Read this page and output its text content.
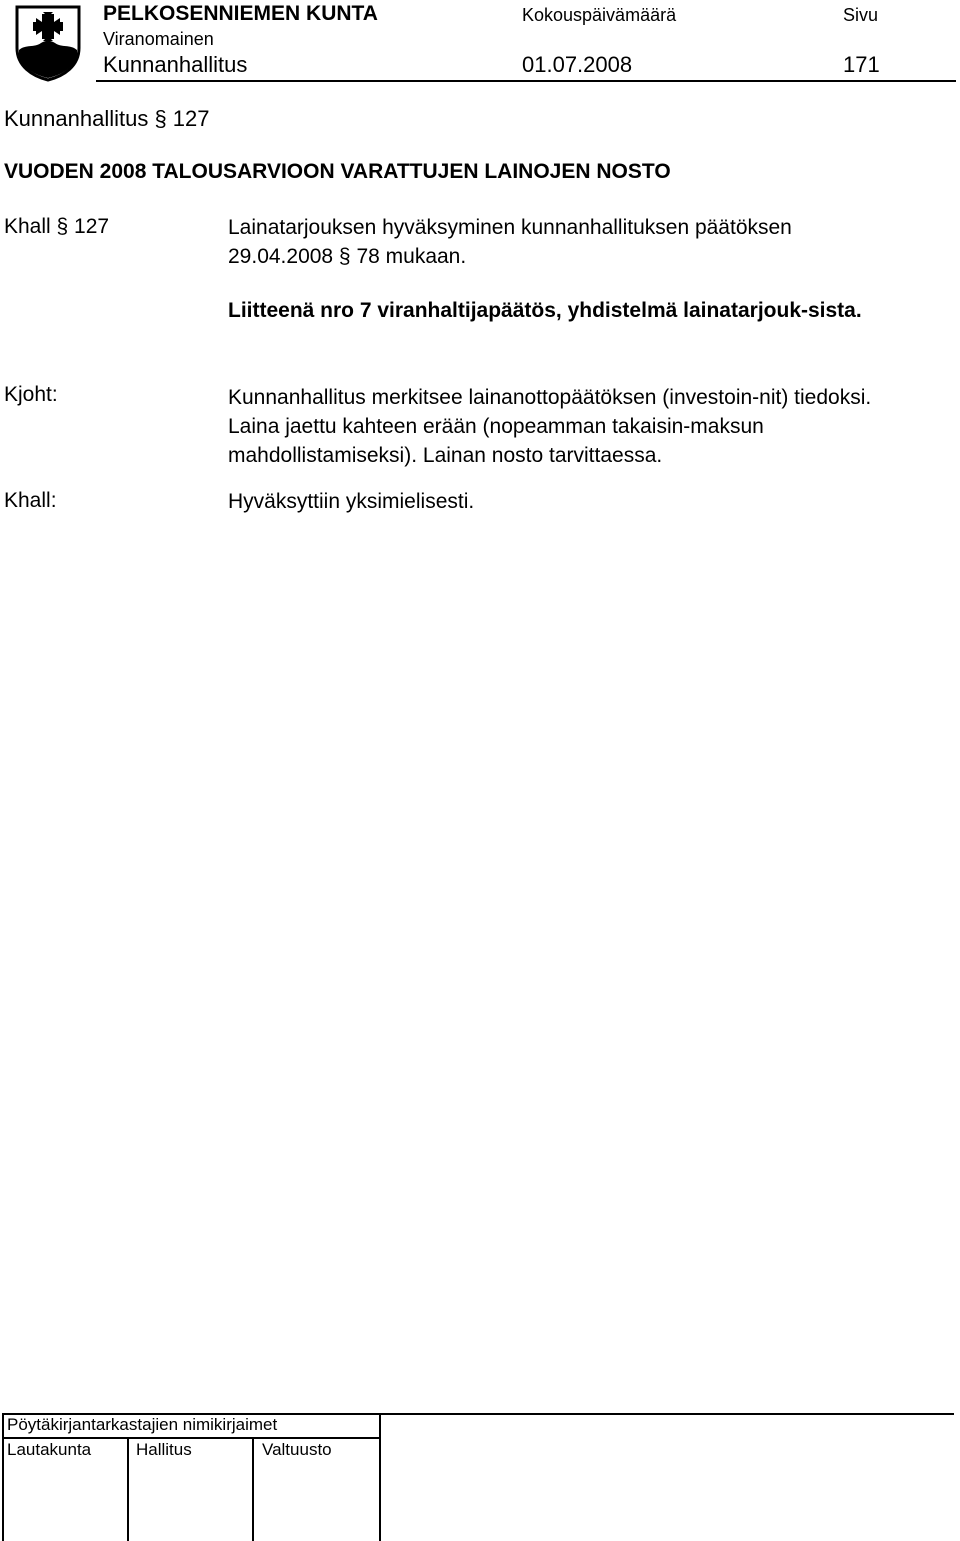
PELKOSENNIEMEN KUNTA	Kokouspäivämäärä	Sivu
Viranomainen
Kunnanhallitus	01.07.2008	171
Kunnanhallitus § 127
VUODEN 2008 TALOUSARVIOON VARATTUJEN LAINOJEN NOSTO
Khall § 127	Lainatarjouksen hyväksyminen kunnanhallituksen päätöksen
29.04.2008 § 78 mukaan.
Liitteenä nro 7 viranhaltijapäätös, yhdistelmä lainatarjouk-sista.
Kjoht:	Kunnanhallitus merkitsee lainanottopäätöksen (investoin-nit) tiedoksi. Laina jaettu kahteen erään (nopeamman takaisin-maksun mahdollistamiseksi). Lainan nosto tarvittaessa.
Khall:	Hyväksyttiin yksimielisesti.
Pöytäkirjantarkastajien nimikirjaimet
Lautakunta	Hallitus	Valtuusto
